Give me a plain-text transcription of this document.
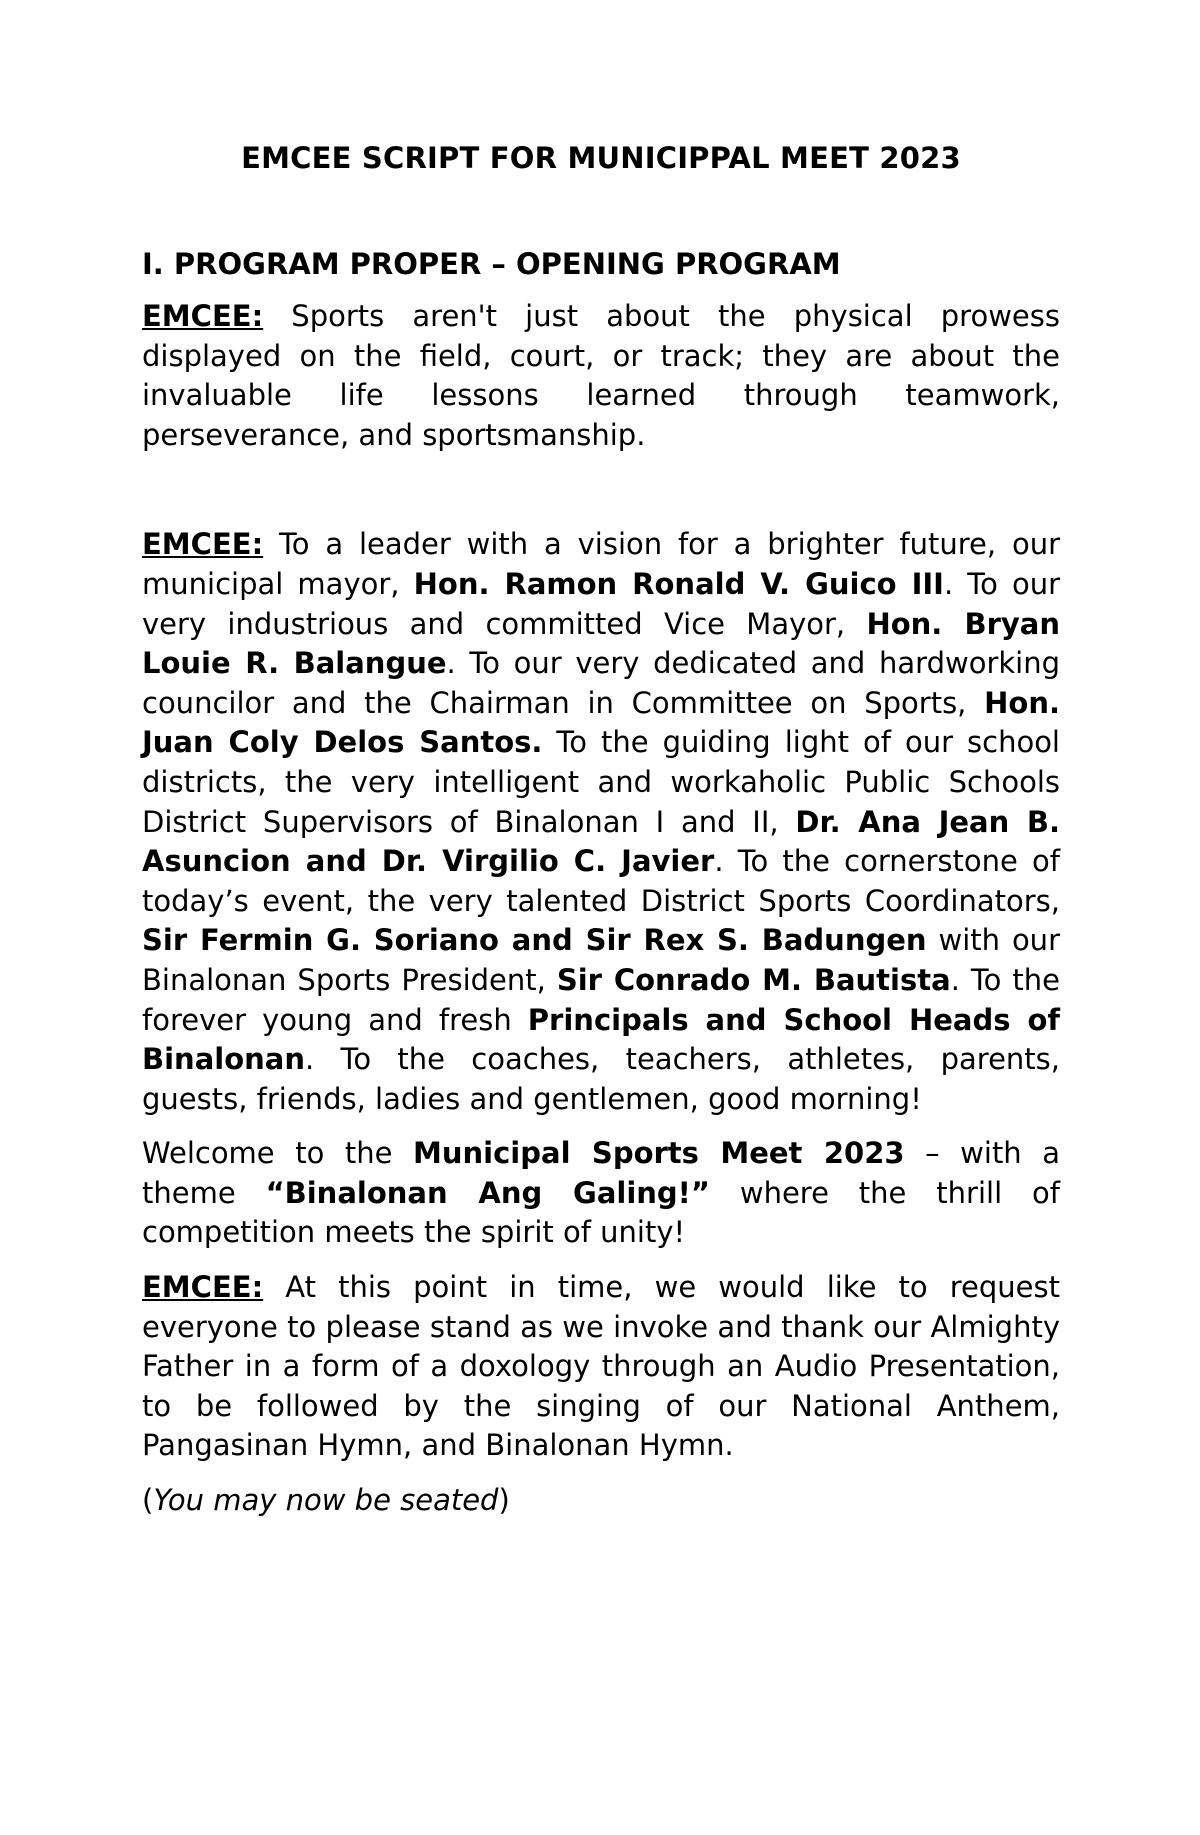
EMCEE SCRIPT FOR MUNICIPPAL MEET 2023
I. PROGRAM PROPER – OPENING PROGRAM

EMCEE: Sports aren't just about the physical prowess displayed on the field, court, or track; they are about the invaluable life lessons learned through teamwork, perseverance, and sportsmanship.

EMCEE: To a leader with a vision for a brighter future, our municipal mayor, Hon. Ramon Ronald V. Guico III. To our very industrious and committed Vice Mayor, Hon. Bryan Louie R. Balangue. To our very dedicated and hardworking councilor and the Chairman in Committee on Sports, Hon. Juan Coly Delos Santos. To the guiding light of our school districts, the very intelligent and workaholic Public Schools District Supervisors of Binalonan I and II, Dr. Ana Jean B. Asuncion and Dr. Virgilio C. Javier. To the cornerstone of today’s event, the very talented District Sports Coordinators, Sir Fermin G. Soriano and Sir Rex S. Badungen with our Binalonan Sports President, Sir Conrado M. Bautista. To the forever young and fresh Principals and School Heads of Binalonan. To the coaches, teachers, athletes, parents, guests, friends, ladies and gentlemen, good morning!

Welcome to the Municipal Sports Meet 2023 – with a theme “Binalonan Ang Galing!” where the thrill of competition meets the spirit of unity!

EMCEE: At this point in time, we would like to request everyone to please stand as we invoke and thank our Almighty Father in a form of a doxology through an Audio Presentation, to be followed by the singing of our National Anthem, Pangasinan Hymn, and Binalonan Hymn.

(You may now be seated)
